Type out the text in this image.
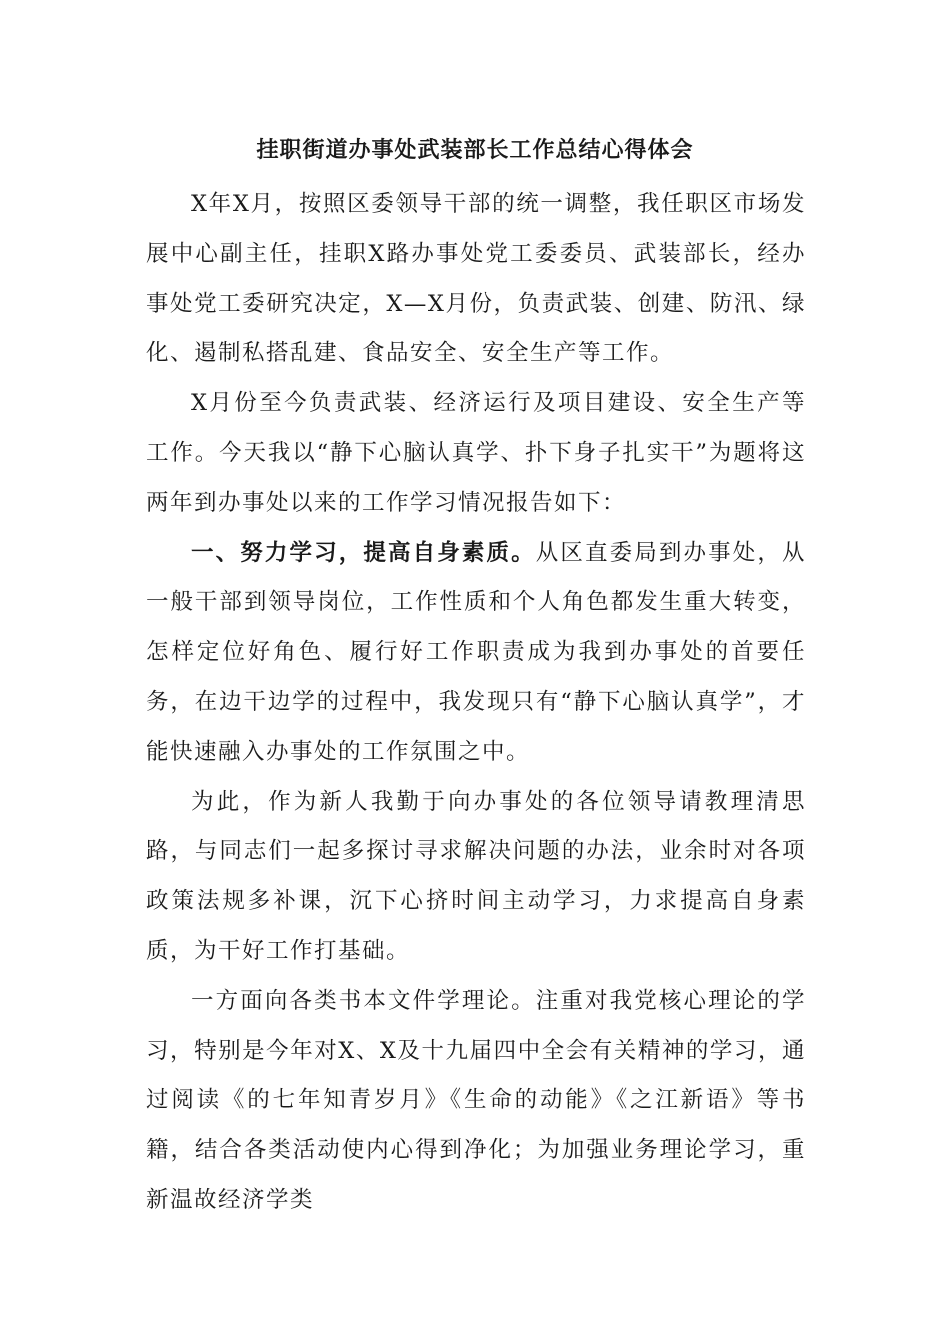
挂职街道办事处武装部长工作总结心得体会

X年X月，按照区委领导干部的统一调整，我任职区市场发展中心副主任，挂职X路办事处党工委委员、武装部长，经办事处党工委研究决定，X—X月份，负责武装、创建、防汛、绿化、遏制私搭乱建、食品安全、安全生产等工作。

X月份至今负责武装、经济运行及项目建设、安全生产等工作。今天我以“静下心脑认真学、扑下身子扎实干”为题将这两年到办事处以来的工作学习情况报告如下：

一、努力学习，提高自身素质。从区直委局到办事处，从一般干部到领导岗位，工作性质和个人角色都发生重大转变，怎样定位好角色、履行好工作职责成为我到办事处的首要任务，在边干边学的过程中，我发现只有“静下心脑认真学”，才能快速融入办事处的工作氛围之中。

为此，作为新人我勤于向办事处的各位领导请教理清思路，与同志们一起多探讨寻求解决问题的办法，业余时对各项政策法规多补课，沉下心挤时间主动学习，力求提高自身素质，为干好工作打基础。

一方面向各类书本文件学理论。注重对我党核心理论的学习，特别是今年对X、X及十九届四中全会有关精神的学习，通过阅读《的七年知青岁月》《生命的动能》《之江新语》等书籍，结合各类活动使内心得到净化；为加强业务理论学习，重新温故经济学类
